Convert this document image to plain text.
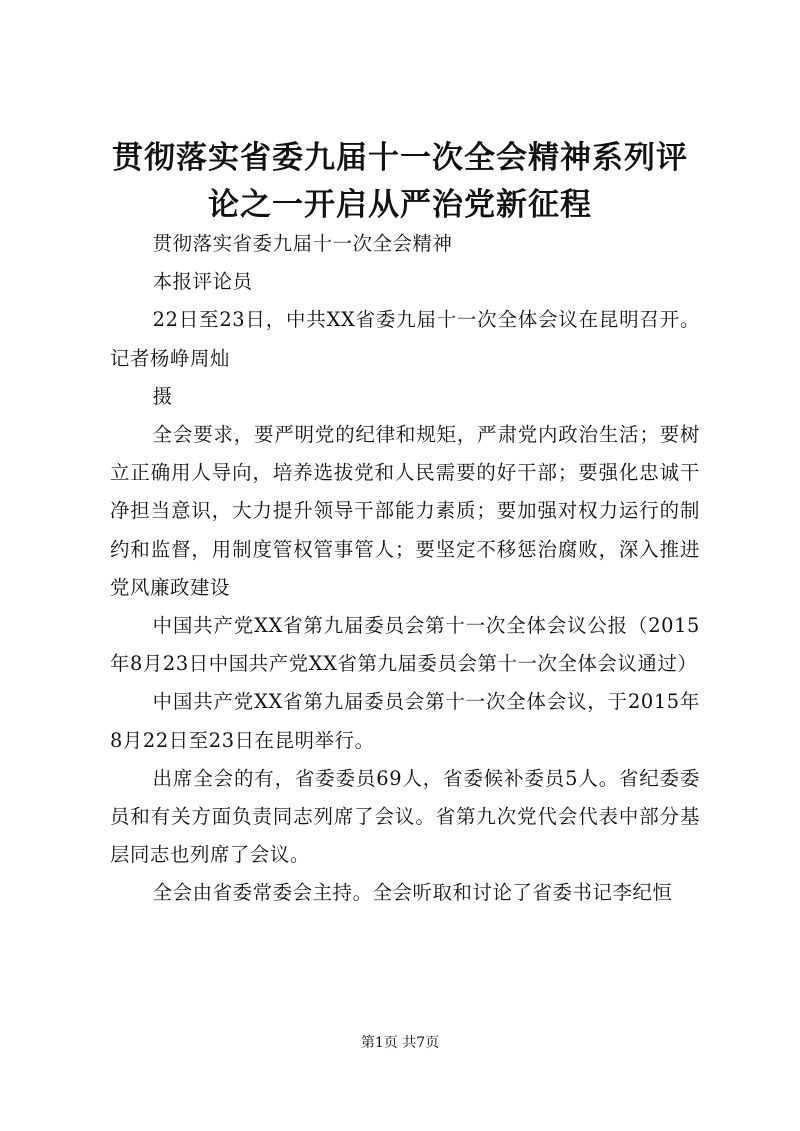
贯彻落实省委九届十一次全会精神系列评论之一开启从严治党新征程

贯彻落实省委九届十一次全会精神

本报评论员

22日至23日，中共XX省委九届十一次全体会议在昆明召开。记者杨峥周灿

摄

全会要求，要严明党的纪律和规矩，严肃党内政治生活；要树立正确用人导向，培养选拔党和人民需要的好干部；要强化忠诚干净担当意识，大力提升领导干部能力素质；要加强对权力运行的制约和监督，用制度管权管事管人；要坚定不移惩治腐败，深入推进党风廉政建设

中国共产党XX省第九届委员会第十一次全体会议公报（2015年8月23日中国共产党XX省第九届委员会第十一次全体会议通过）

中国共产党XX省第九届委员会第十一次全体会议，于2015年8月22日至23日在昆明举行。

出席全会的有，省委委员69人，省委候补委员5人。省纪委委员和有关方面负责同志列席了会议。省第九次党代会代表中部分基层同志也列席了会议。

全会由省委常委会主持。全会听取和讨论了省委书记李纪恒

第1页 共7页
